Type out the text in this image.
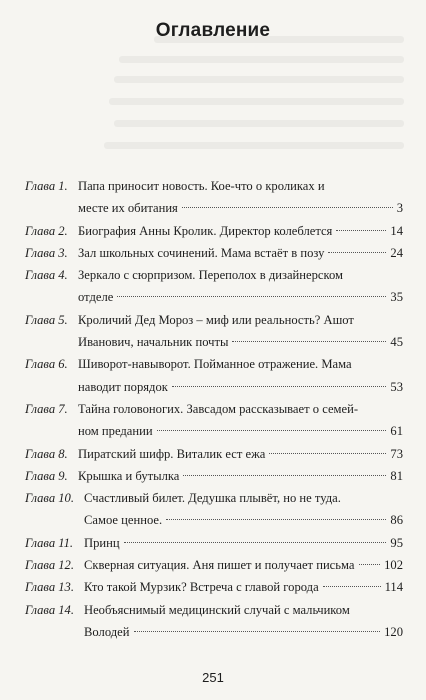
Оглавление
Глава 1. Папа приносит новость. Кое-что о кроликах и
месте их обитания	3
Глава 2. Биография Анны Кролик. Директор колеблется	14
Глава 3. Зал школьных сочинений. Мама встаёт в позу	24
Глава 4. Зеркало с сюрпризом. Переполох в дизайнерском
отделе	35
Глава 5. Кроличий Дед Мороз – миф или реальность? Ашот
Иванович, начальник почты	45
Глава 6. Шиворот-навыворот. Пойманное отражение. Мама
наводит порядок	53
Глава 7. Тайна головоногих. Завсадом рассказывает о семей-
ном предании	61
Глава 8. Пиратский шифр. Виталик ест ежа	73
Глава 9. Крышка и бутылка	81
Глава 10. Счастливый билет. Дедушка плывёт, но не туда.
Самое ценное.	86
Глава 11. Принц	95
Глава 12. Скверная ситуация. Аня пишет и получает письма 102
Глава 13. Кто такой Мурзик? Встреча с главой города	114
Глава 14. Необъяснимый медицинский случай с мальчиком
Володей	120
251
